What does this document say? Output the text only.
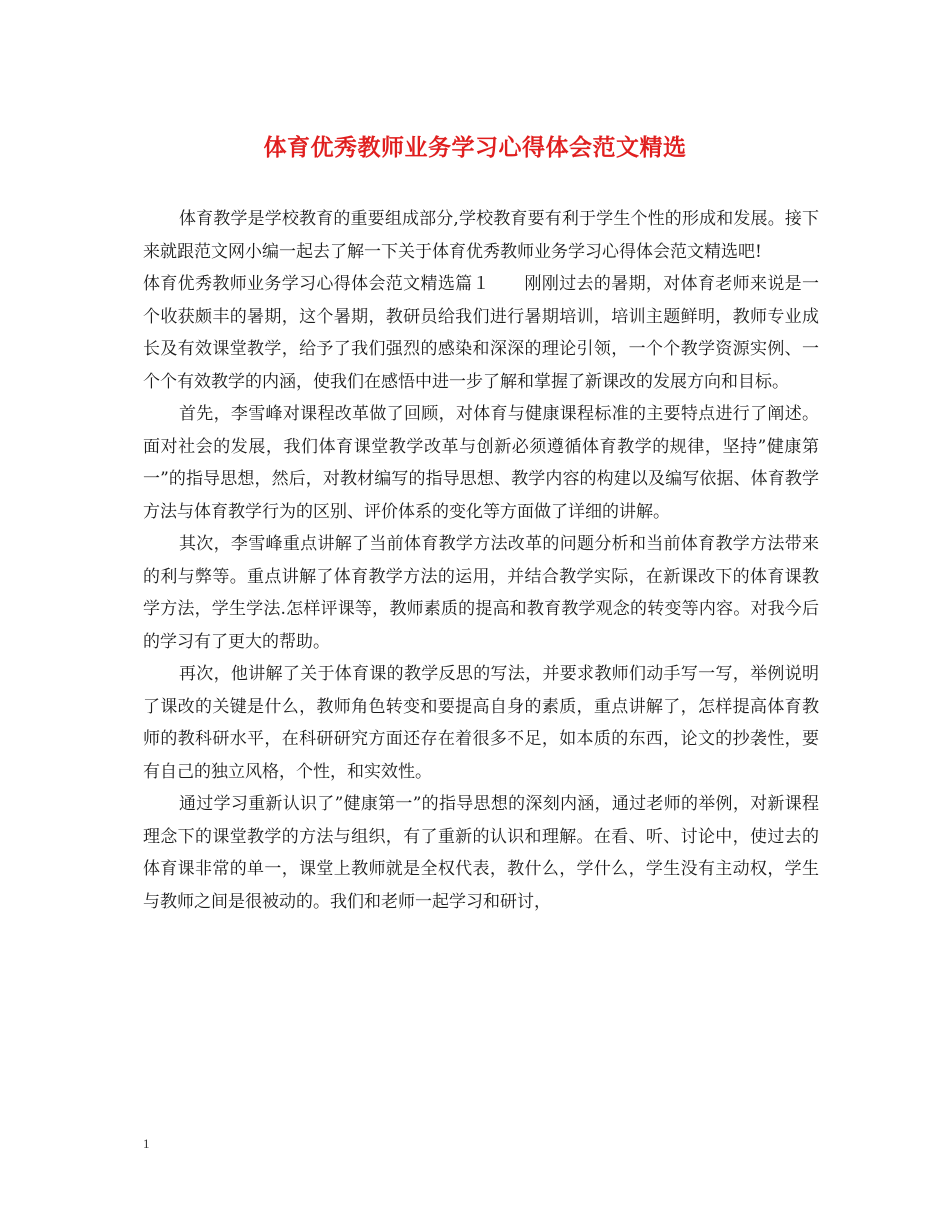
体育优秀教师业务学习心得体会范文精选

体育教学是学校教育的重要组成部分,学校教育要有利于学生个性的形成和发展。接下来就跟范文网小编一起去了解一下关于体育优秀教师业务学习心得体会范文精选吧!

体育优秀教师业务学习心得体会范文精选篇１　　刚刚过去的暑期，对体育老师来说是一个收获颇丰的暑期，这个暑期，教研员给我们进行暑期培训，培训主题鲜明，教师专业成长及有效课堂教学，给予了我们强烈的感染和深深的理论引领，一个个教学资源实例、一个个有效教学的内涵，使我们在感悟中进一步了解和掌握了新课改的发展方向和目标。

首先，李雪峰对课程改革做了回顾，对体育与健康课程标准的主要特点进行了阐述。面对社会的发展，我们体育课堂教学改革与创新必须遵循体育教学的规律，坚持”健康第一”的指导思想，然后，对教材编写的指导思想、教学内容的构建以及编写依据、体育教学方法与体育教学行为的区别、评价体系的变化等方面做了详细的讲解。

其次，李雪峰重点讲解了当前体育教学方法改革的问题分析和当前体育教学方法带来的利与弊等。重点讲解了体育教学方法的运用，并结合教学实际，在新课改下的体育课教学方法，学生学法.怎样评课等，教师素质的提高和教育教学观念的转变等内容。对我今后的学习有了更大的帮助。

再次，他讲解了关于体育课的教学反思的写法，并要求教师们动手写一写，举例说明了课改的关键是什么，教师角色转变和要提高自身的素质，重点讲解了，怎样提高体育教师的教科研水平，在科研研究方面还存在着很多不足，如本质的东西，论文的抄袭性，要有自己的独立风格，个性，和实效性。

通过学习重新认识了”健康第一”的指导思想的深刻内涵，通过老师的举例，对新课程理念下的课堂教学的方法与组织，有了重新的认识和理解。在看、听、讨论中，使过去的体育课非常的单一，课堂上教师就是全权代表，教什么，学什么，学生没有主动权，学生与教师之间是很被动的。我们和老师一起学习和研讨，

1
